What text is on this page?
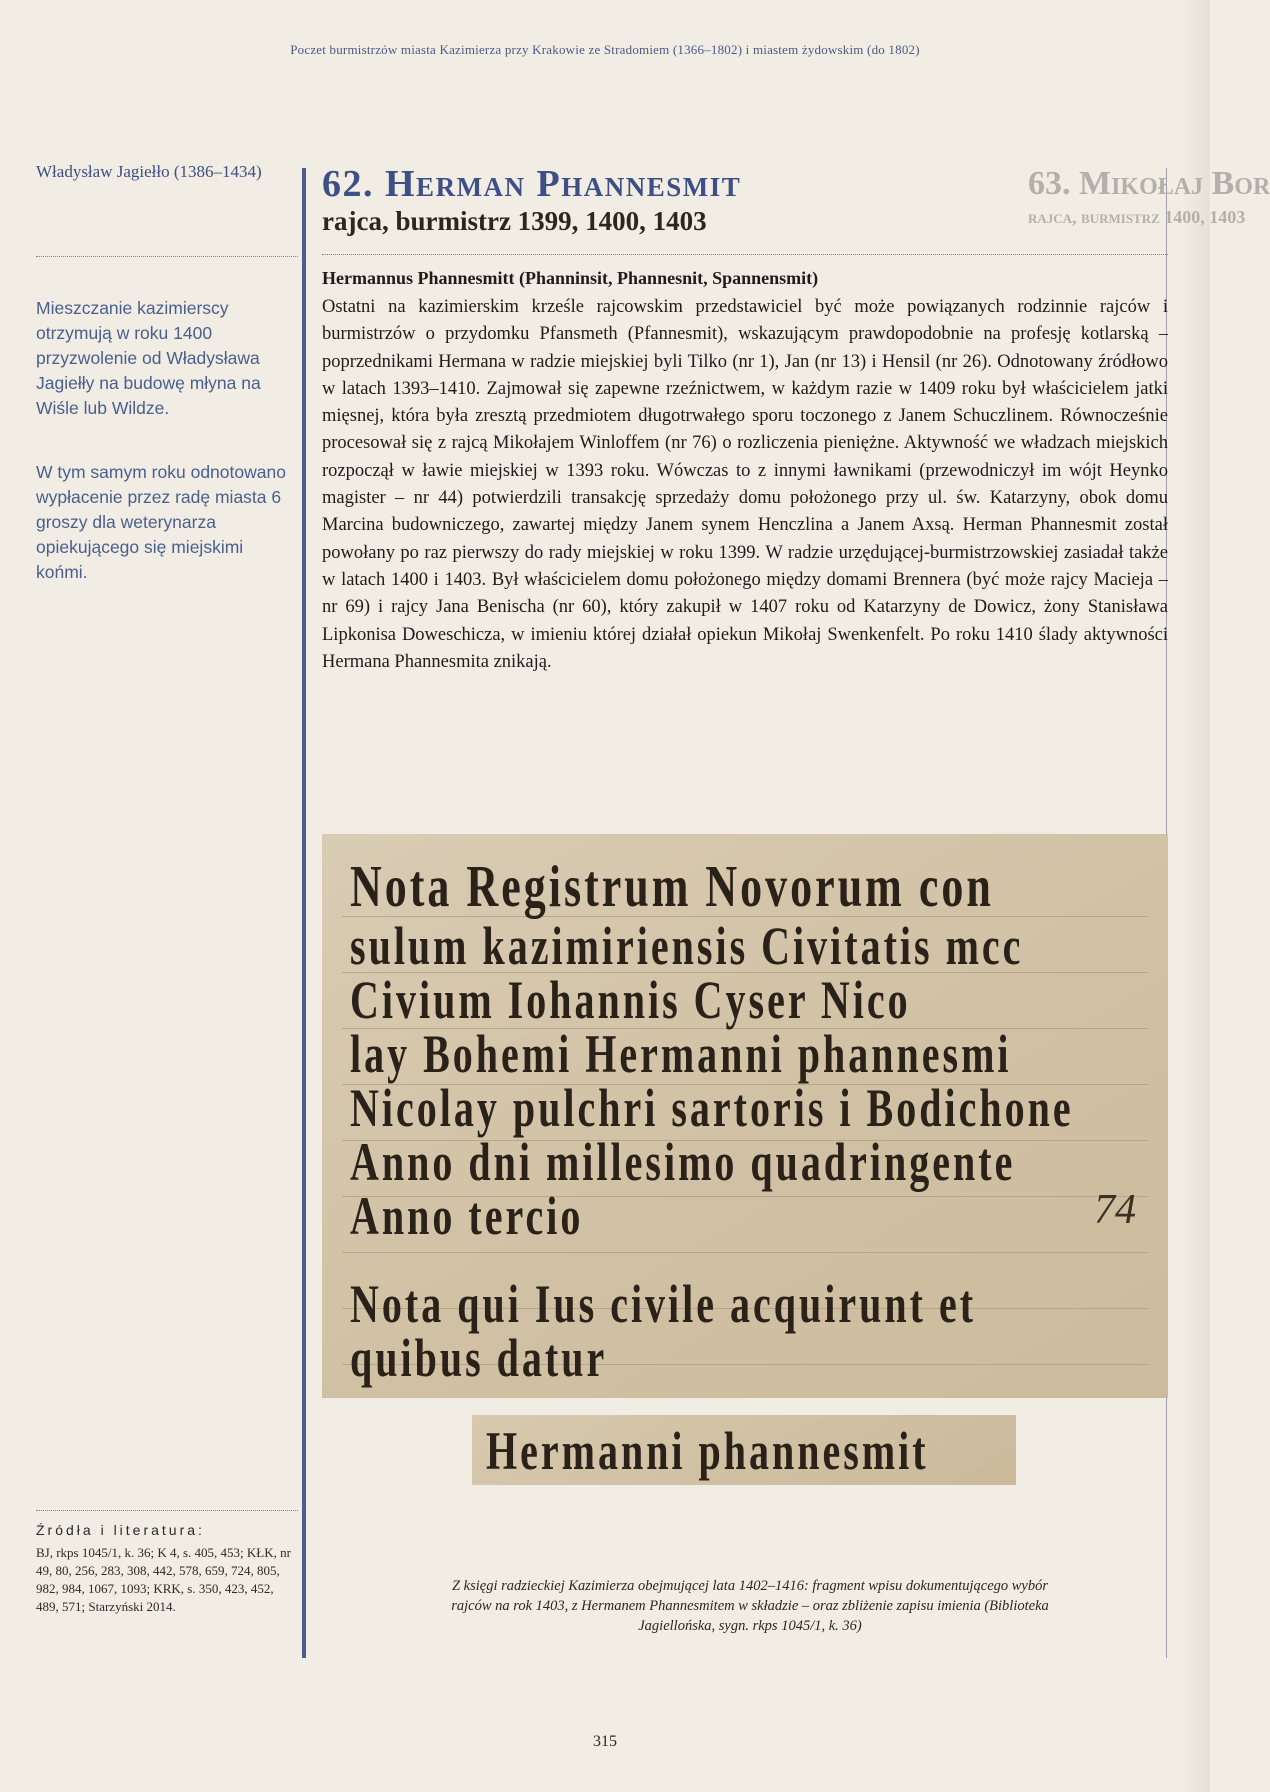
Poczet burmistrzów miasta Kazimierza przy Krakowie ze Stradomiem (1366–1802) i miastem żydowskim (do 1802)
Władysław Jagiełło (1386–1434)

Mieszczanie kazimierscy otrzymują w roku 1400 przyzwolenie od Władysława Jagiełły na budowę młyna na Wiśle lub Wildze.

W tym samym roku odnotowano wypłacenie przez radę miasta 6 groszy dla weterynarza opiekującego się miejskimi końmi.

Źródła i literatura:

BJ, rkps 1045/1, k. 36; K 4, s. 405, 453; KŁK, nr 49, 80, 256, 283, 308, 442, 578, 659, 724, 805, 982, 984, 1067, 1093; KRK, s. 350, 423, 452, 489, 571; Starzyński 2014.

62. Herman Phannesmit
rajca, burmistrz 1399, 1400, 1403
63. Mikołaj Bor
rajca, burmistrz 1400, 1403
Hermannus Phannesmitt (Phanninsit, Phannesnit, Spannensmit)

Ostatni na kazimierskim krześle rajcowskim przedstawiciel być może powiązanych rodzinnie rajców i burmistrzów o przydomku Pfansmeth (Pfannesmit), wskazującym prawdopodobnie na profesję kotlarską – poprzednikami Hermana w radzie miejskiej byli Tilko (nr 1), Jan (nr 13) i Hensil (nr 26). Odnotowany źródłowo w latach 1393–1410. Zajmował się zapewne rzeźnictwem, w każdym razie w 1409 roku był właścicielem jatki mięsnej, która była zresztą przedmiotem długotrwałego sporu toczonego z Janem Schuczlinem. Równocześnie procesował się z rajcą Mikołajem Winloffem (nr 76) o rozliczenia pieniężne. Aktywność we władzach miejskich rozpoczął w ławie miejskiej w 1393 roku. Wówczas to z innymi ławnikami (przewodniczył im wójt Heynko magister – nr 44) potwierdzili transakcję sprzedaży domu położonego przy ul. św. Katarzyny, obok domu Marcina budowniczego, zawartej między Janem synem Henczlina a Janem Axsą. Herman Phannesmit został powołany po raz pierwszy do rady miejskiej w roku 1399. W radzie urzędującej-burmistrzowskiej zasiadał także w latach 1400 i 1403. Był właścicielem domu położonego między domami Brennera (być może rajcy Macieja – nr 69) i rajcy Jana Benischa (nr 60), który zakupił w 1407 roku od Katarzyny de Dowicz, żony Stanisława Lipkonisa Doweschicza, w imieniu której działał opiekun Mikołaj Swenkenfelt. Po roku 1410 ślady aktywności Hermana Phannesmita znikają.

Nota Registrum Novorum con
sulum kazimiriensis Civitatis mcc
Civium Iohannis Cyser Nico
lay Bohemi Hermanni phannesmi
Nicolay pulchri sartoris i Bodichone
Anno dni millesimo quadringente
Anno tercio
Nota qui Ius civile acquirunt et
quibus datur
74
Hermanni phannesmit

Z księgi radzieckiej Kazimierza obejmującej lata 1402–1416: fragment wpisu dokumentującego wybór rajców na rok 1403, z Hermanem Phannesmitem w składzie – oraz zbliżenie zapisu imienia (Biblioteka Jagiellońska, sygn. rkps 1045/1, k. 36)

315
